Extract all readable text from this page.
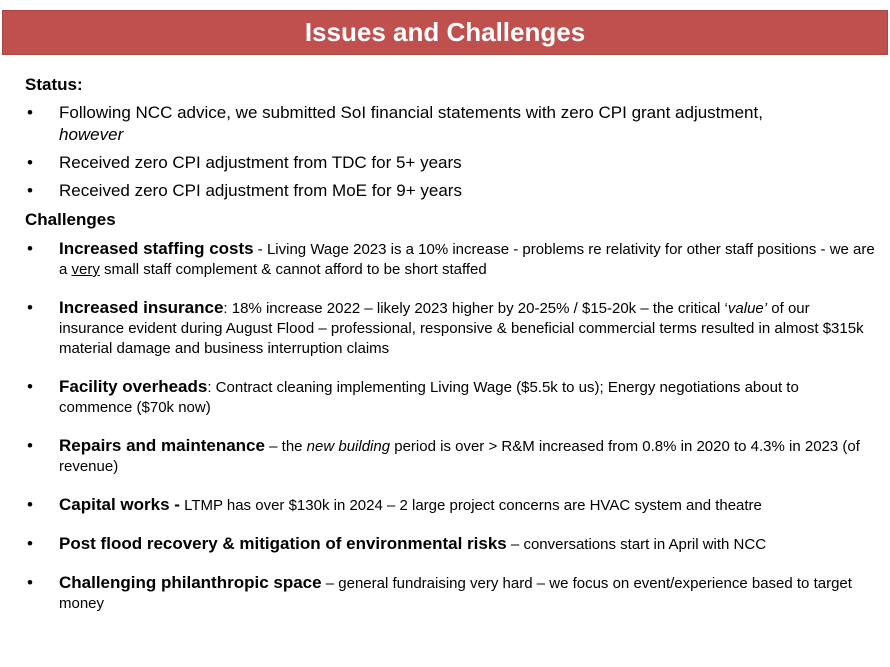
Issues and Challenges
Status:
• Following NCC advice, we submitted SoI financial statements with zero CPI grant adjustment,
however
• Received zero CPI adjustment from TDC for 5+ years
• Received zero CPI adjustment from MoE for 9+ years
Challenges
• Increased staffing costs - Living Wage 2023 is a 10% increase - problems re relativity for other staff positions - we are a very small staff complement & cannot afford to be short staffed
• Increased insurance: 18% increase 2022 – likely 2023 higher by 20-25% / $15-20k – the critical ‘value’ of our insurance evident during August Flood – professional, responsive & beneficial commercial terms resulted in almost $315k material damage and business interruption claims
• Facility overheads: Contract cleaning implementing Living Wage ($5.5k to us); Energy negotiations about to commence ($70k now)
• Repairs and maintenance – the new building period is over > R&M increased from 0.8% in 2020 to 4.3% in 2023 (of revenue)
• Capital works - LTMP has over $130k in 2024 – 2 large project concerns are HVAC system and theatre
• Post flood recovery & mitigation of environmental risks – conversations start in April with NCC
• Challenging philanthropic space – general fundraising very hard – we focus on event/experience based to target money
